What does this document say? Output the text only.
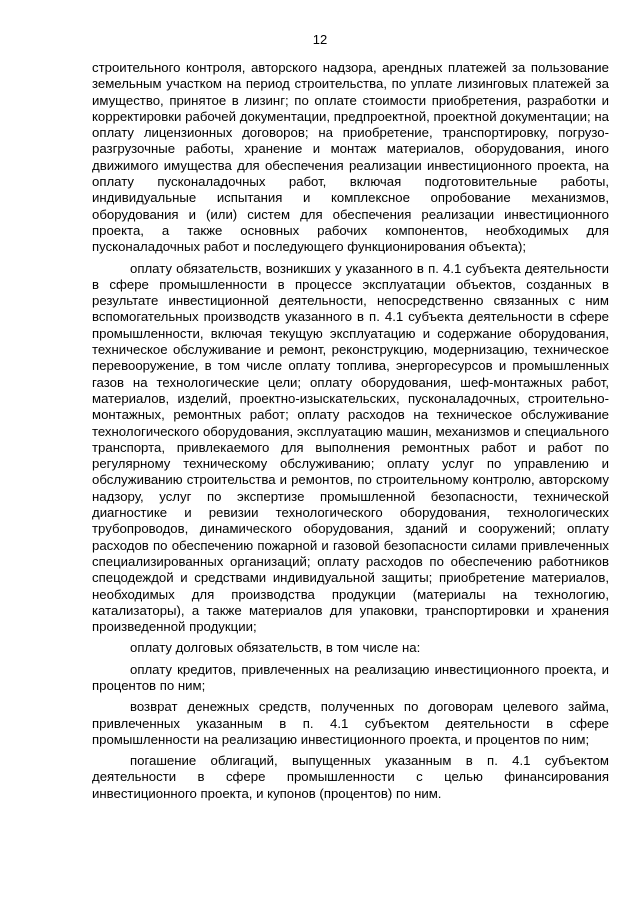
12

строительного контроля, авторского надзора, арендных платежей за пользование земельным участком на период строительства, по уплате лизинговых платежей за имущество, принятое в лизинг; по оплате стоимости приобретения, разработки и корректировки рабочей документации, предпроектной, проектной документации; на оплату лицензионных договоров; на приобретение, транспортировку, погрузо-разгрузочные работы, хранение и монтаж материалов, оборудования, иного движимого имущества для обеспечения реализации инвестиционного проекта, на оплату пусконаладочных работ, включая подготовительные работы, индивидуальные испытания и комплексное опробование механизмов, оборудования и (или) систем для обеспечения реализации инвестиционного проекта, а также основных рабочих компонентов, необходимых для пусконаладочных работ и последующего функционирования объекта);

оплату обязательств, возникших у указанного в п. 4.1 субъекта деятельности в сфере промышленности в процессе эксплуатации объектов, созданных в результате инвестиционной деятельности, непосредственно связанных с ним вспомогательных производств указанного в п. 4.1 субъекта деятельности в сфере промышленности, включая текущую эксплуатацию и содержание оборудования, техническое обслуживание и ремонт, реконструкцию, модернизацию, техническое перевооружение, в том числе оплату топлива, энергоресурсов и промышленных газов на технологические цели; оплату оборудования, шеф-монтажных работ, материалов, изделий, проектно-изыскательских, пусконаладочных, строительно-монтажных, ремонтных работ; оплату расходов на техническое обслуживание технологического оборудования, эксплуатацию машин, механизмов и специального транспорта, привлекаемого для выполнения ремонтных работ и работ по регулярному техническому обслуживанию; оплату услуг по управлению и обслуживанию строительства и ремонтов, по строительному контролю, авторскому надзору, услуг по экспертизе промышленной безопасности, технической диагностике и ревизии технологического оборудования, технологических трубопроводов, динамического оборудования, зданий и сооружений; оплату расходов по обеспечению пожарной и газовой безопасности силами привлеченных специализированных организаций; оплату расходов по обеспечению работников спецодеждой и средствами индивидуальной защиты; приобретение материалов, необходимых для производства продукции (материалы на технологию, катализаторы), а также материалов для упаковки, транспортировки и хранения произведенной продукции;

оплату долговых обязательств, в том числе на:

оплату кредитов, привлеченных на реализацию инвестиционного проекта, и процентов по ним;

возврат денежных средств, полученных по договорам целевого займа, привлеченных указанным в п. 4.1 субъектом деятельности в сфере промышленности на реализацию инвестиционного проекта, и процентов по ним;

погашение облигаций, выпущенных указанным в п. 4.1 субъектом деятельности в сфере промышленности с целью финансирования инвестиционного проекта, и купонов (процентов) по ним.
